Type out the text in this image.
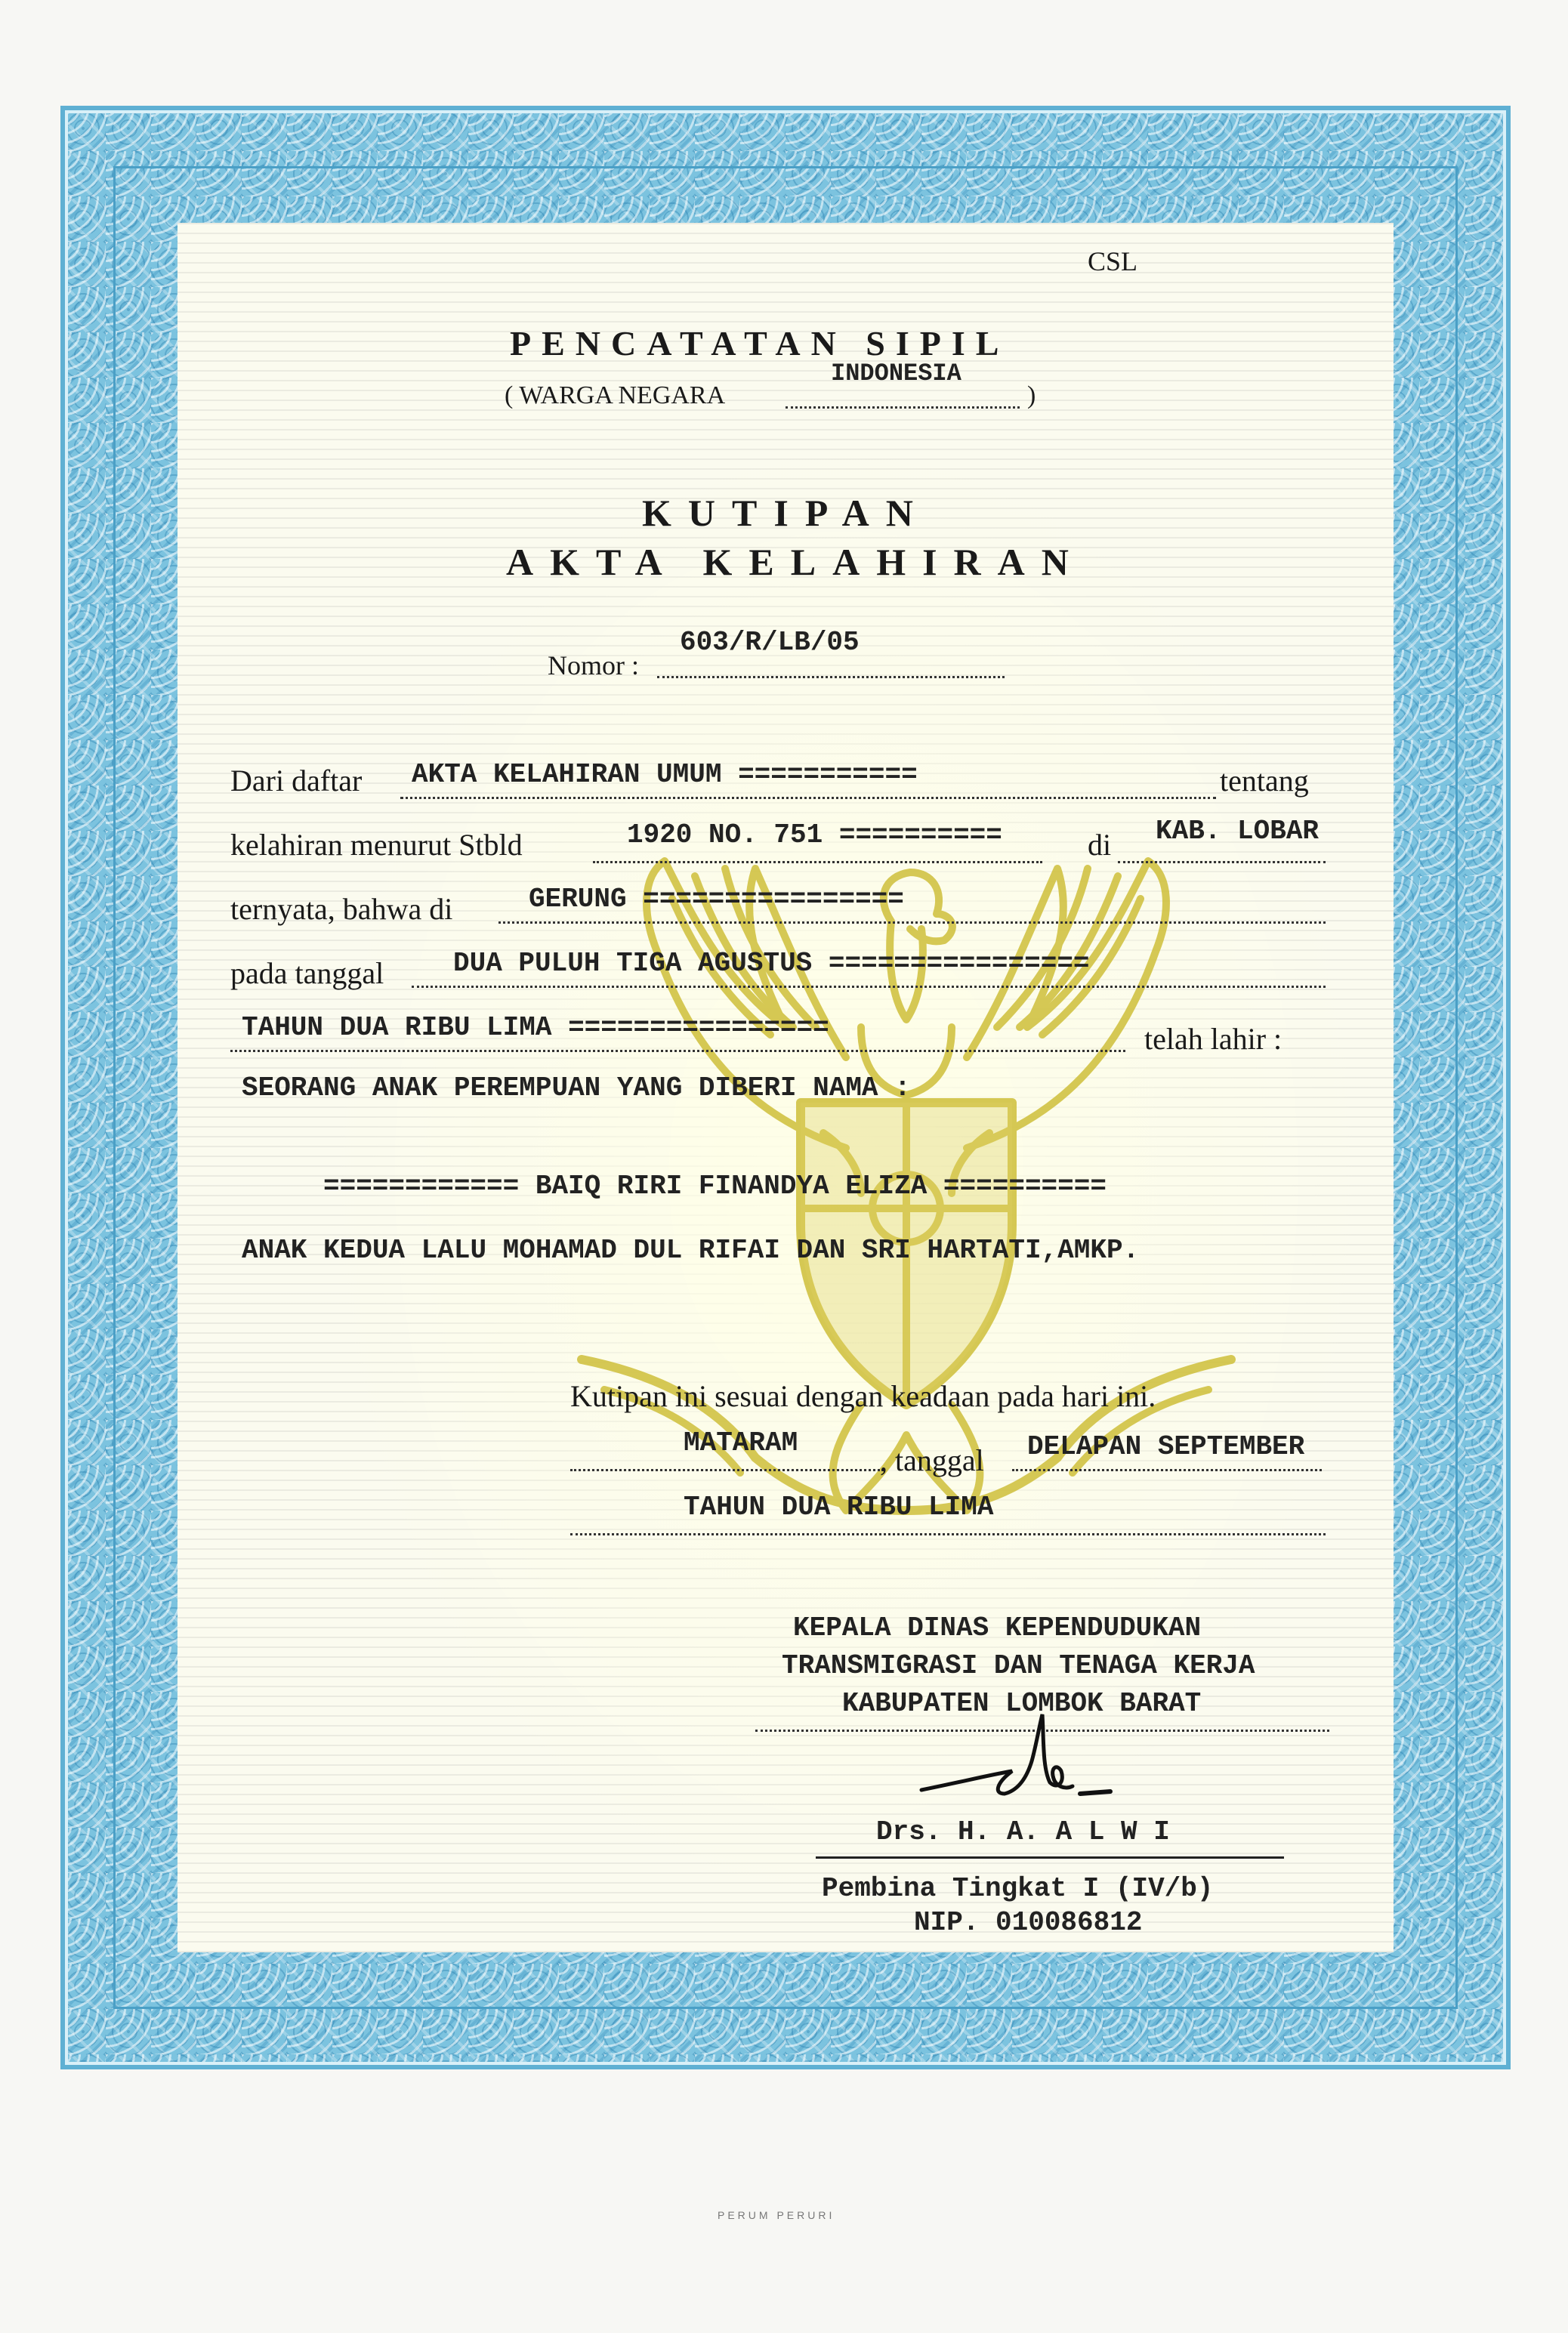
CSL
PENCATATAN SIPIL
( WARGA NEGARA	)
INDONESIA
KUTIPAN
AKTA KELAHIRAN
Nomor :
603/R/LB/05
Dari daftar AKTA KELAHIRAN UMUM ===========	tentang
kelahiran menurut Stbld	1920 NO. 751 ==========	di KAB. LOBAR
ternyata, bahwa di	GERUNG ================
pada tanggal	DUA PULUH TIGA AGUSTUS ================
TAHUN DUA RIBU LIMA ================	telah lahir :
SEORANG ANAK PEREMPUAN YANG DIBERI NAMA :
============ BAIQ RIRI FINANDYA ELIZA ==========
ANAK KEDUA LALU MOHAMAD DUL RIFAI DAN SRI HARTATI,AMKP.
Kutipan ini sesuai dengan keadaan pada hari ini.
MATARAM
, tanggal DELAPAN SEPTEMBER
TAHUN DUA RIBU LIMA
KEPALA DINAS KEPENDUDUKAN
TRANSMIGRASI DAN TENAGA KERJA
KABUPATEN LOMBOK BARAT
Drs. H. A. A L W I
Pembina Tingkat I (IV/b)
NIP. 010086812
PERUM PERURI
